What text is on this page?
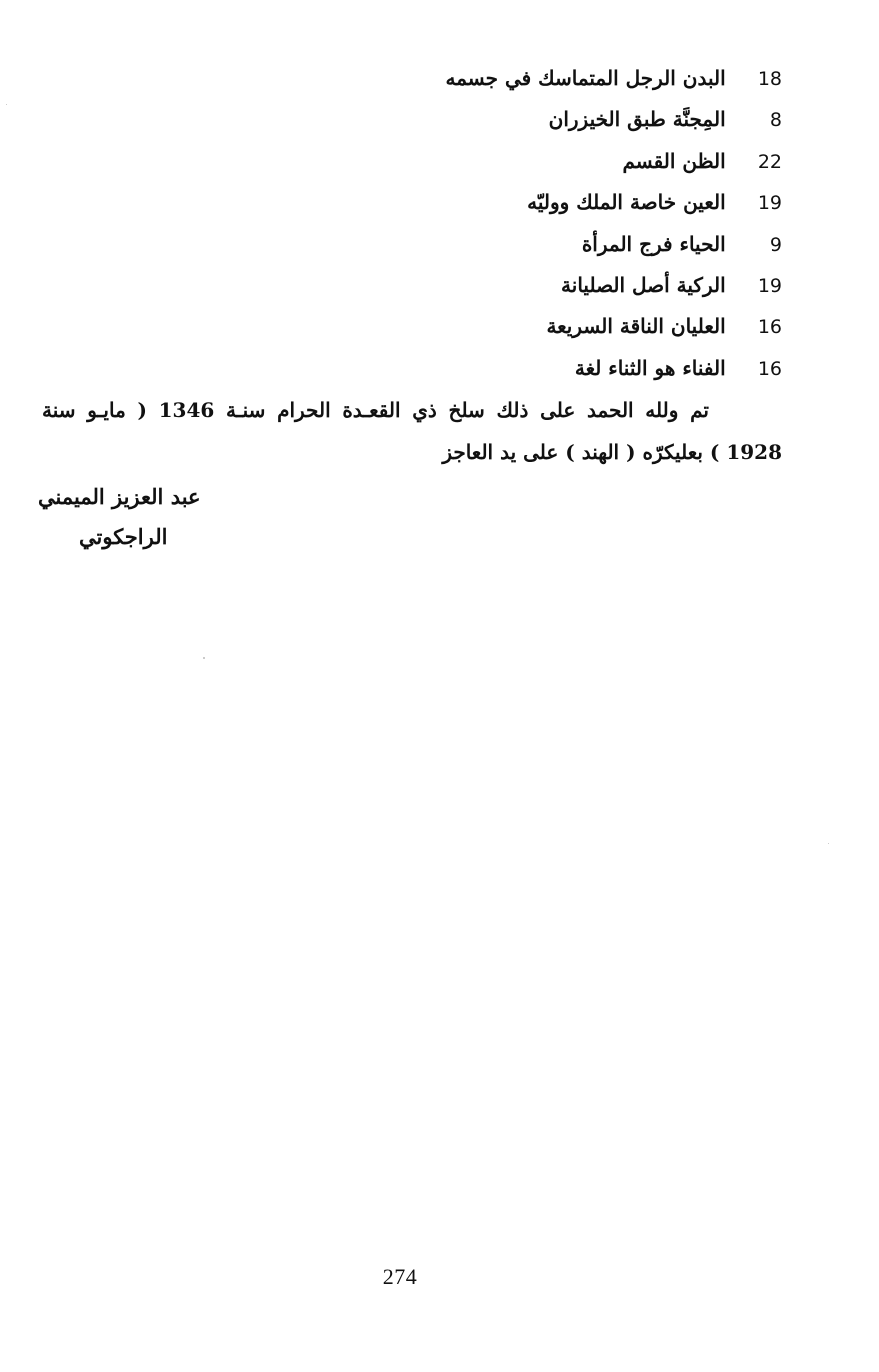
18 البدن الرجل المتماسك في جسمه
8 المِجنَّة طبق الخيزران
22 الظن القسم
19 العين خاصة الملك ووليّه
9 الحياء فرج المرأة
19 الركية أصل الصليانة
16 العليان الناقة السريعة
16 الفناء هو الثناء لغة
تم ولله الحمد على ذلك سلخ ذي القعـدة الحرام سنـة 1346 ( مايـو سنة
1928 ) بعليكرّه ( الهند ) على يد العاجز
عبد العزيز الميمني
الراجكوتي
274
